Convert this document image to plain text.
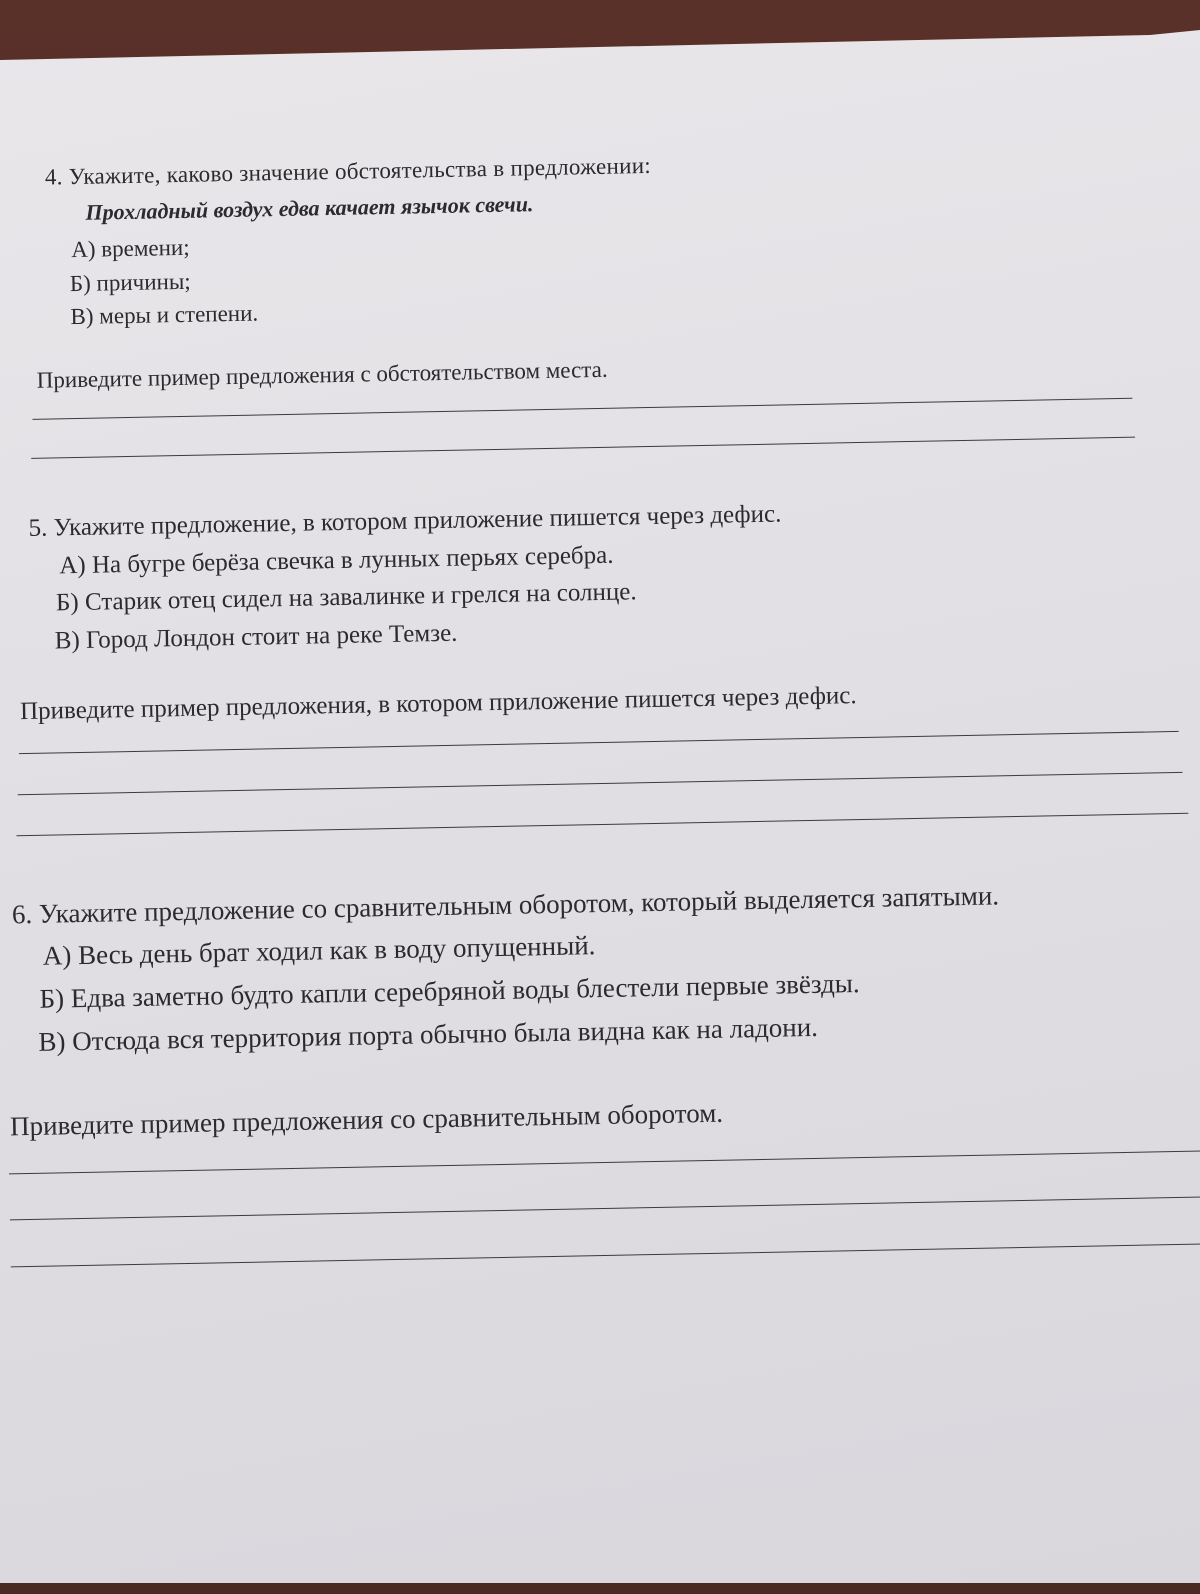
4. Укажите, каково значение обстоятельства в предложении:
Прохладный воздух едва качает язычок свечи.
А) времени;
Б) причины;
В) меры и степени.
Приведите пример предложения с обстоятельством места.
5. Укажите предложение, в котором приложение пишется через дефис.
А) На бугре берёза свечка в лунных перьях серебра.
Б) Старик отец сидел на завалинке и грелся на солнце.
В) Город Лондон стоит на реке Темзе.
Приведите пример предложения, в котором приложение пишется через дефис.
6. Укажите предложение со сравнительным оборотом, который выделяется запятыми.
А) Весь день брат ходил как в воду опущенный.
Б) Едва заметно будто капли серебряной воды блестели первые звёзды.
В) Отсюда вся территория порта обычно была видна как на ладони.
Приведите пример предложения со сравнительным оборотом.
